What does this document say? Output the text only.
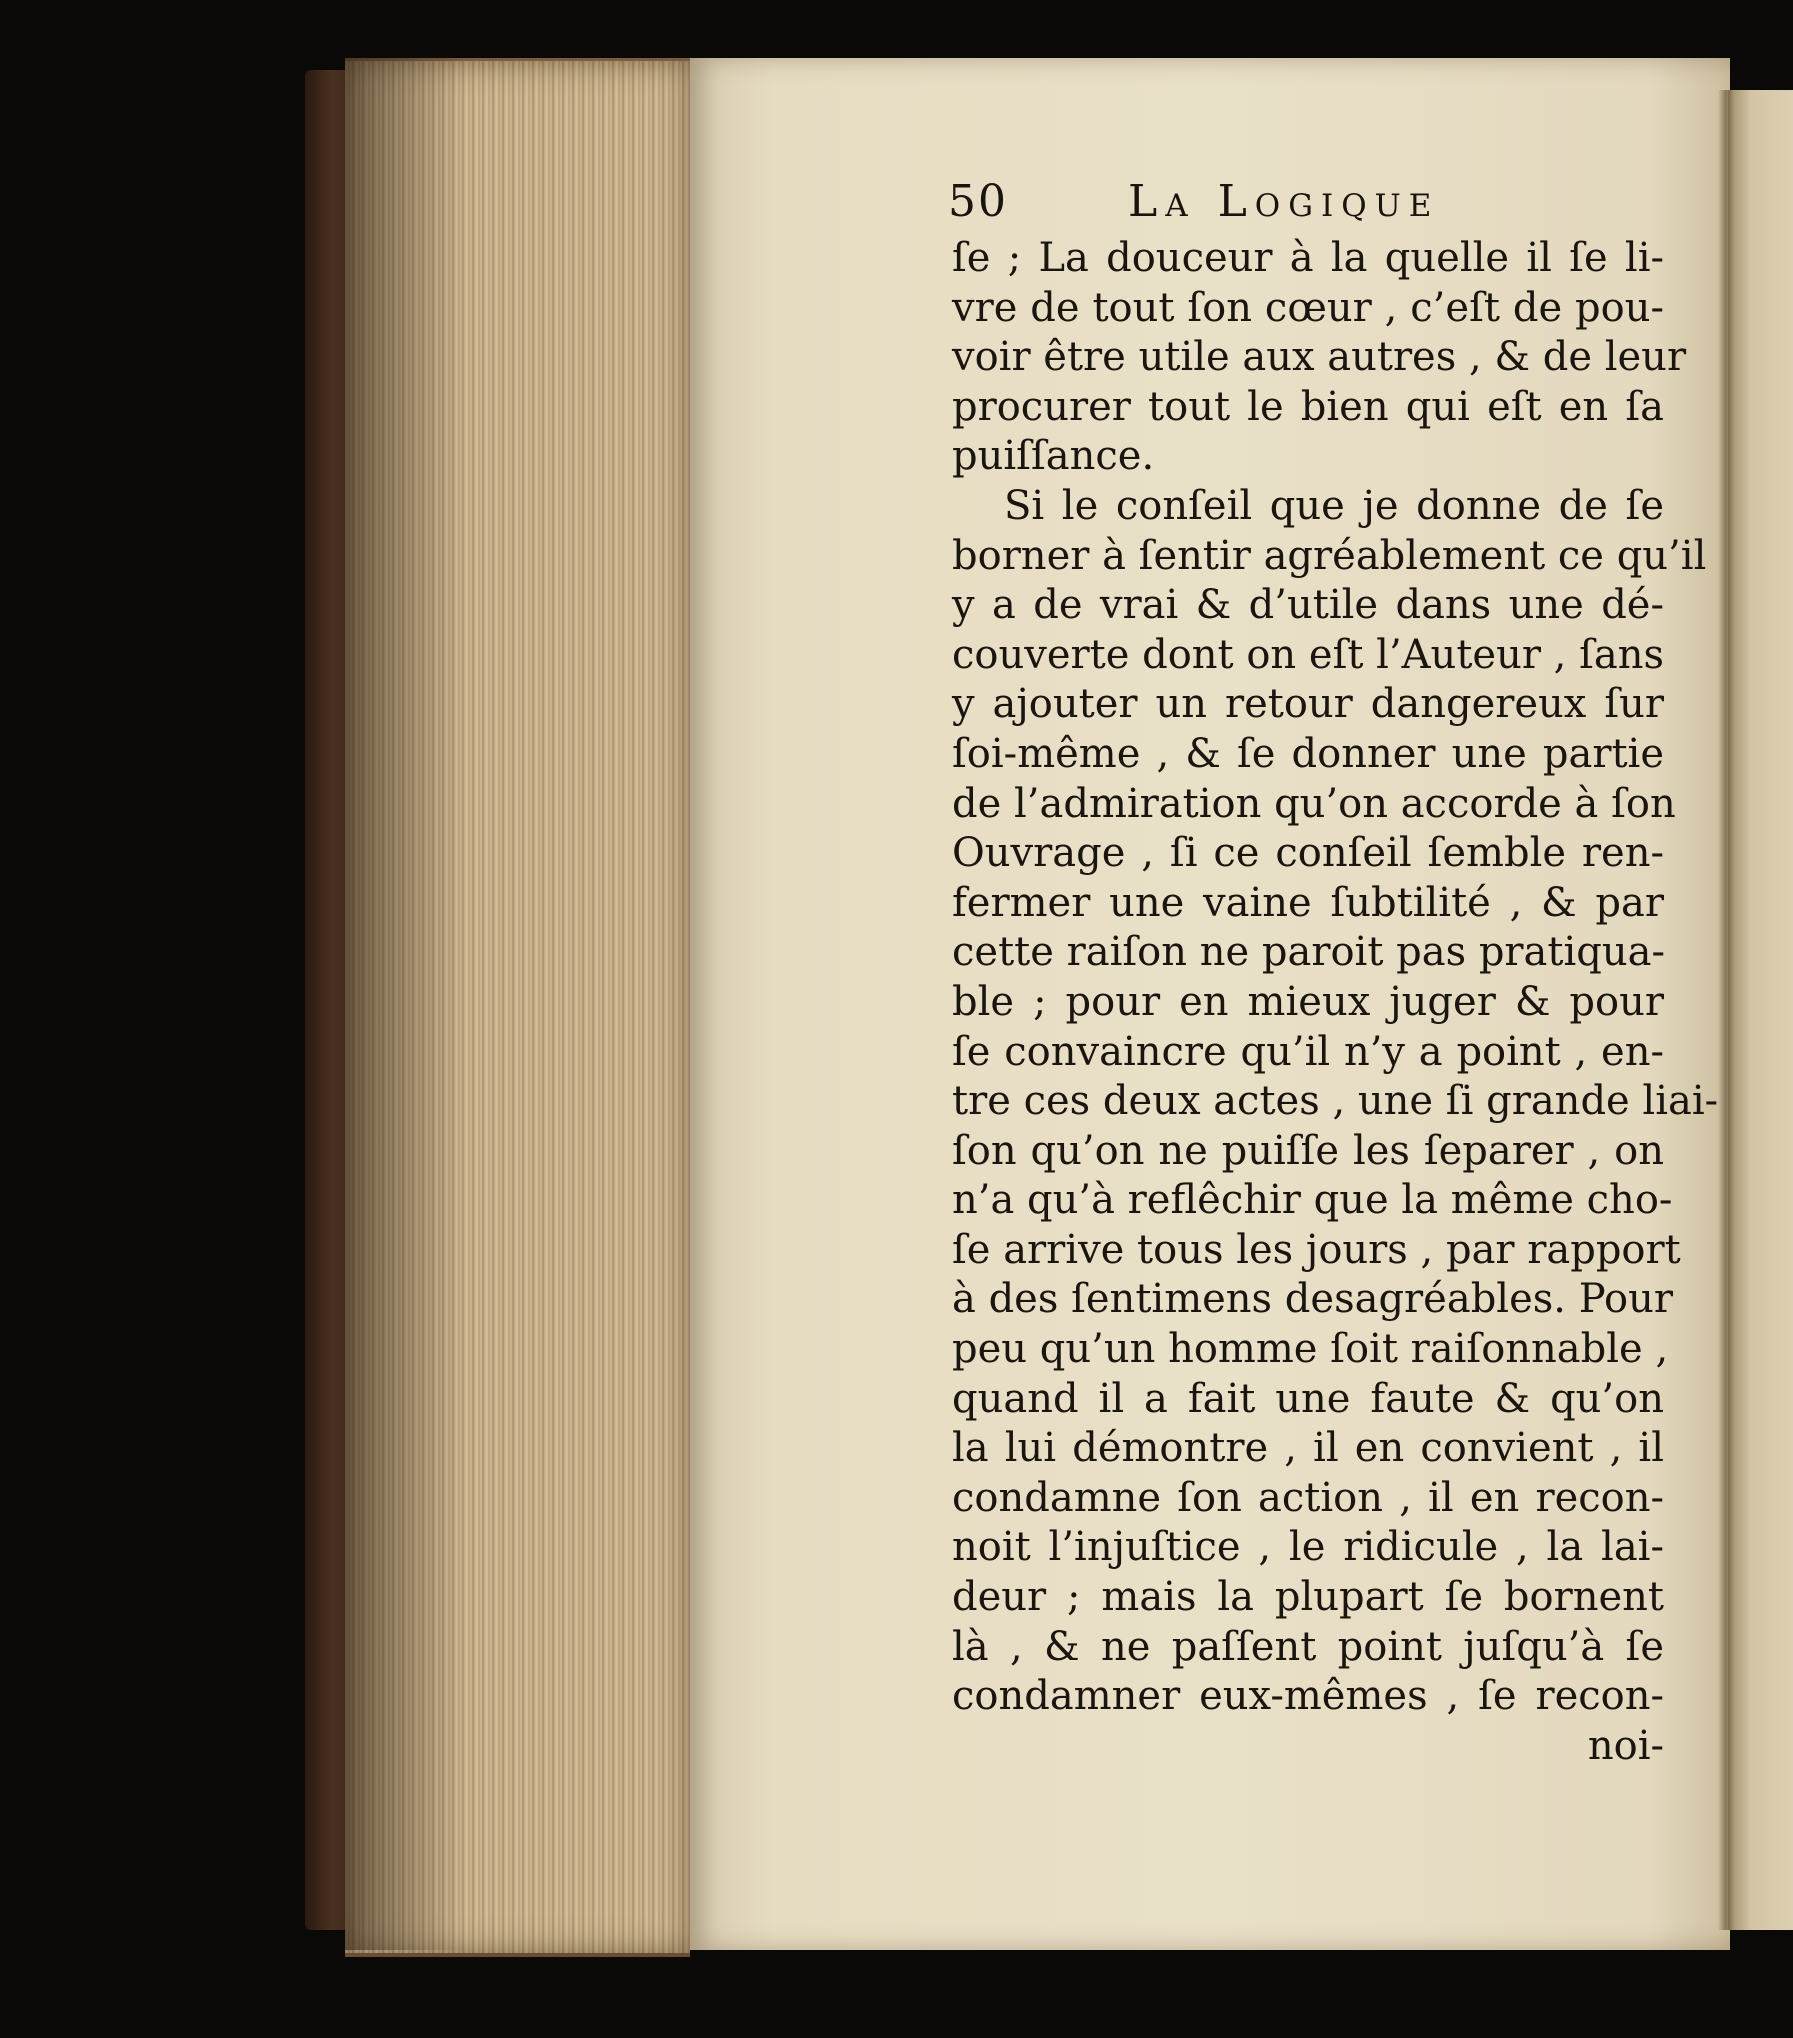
50	La Logique
ſe ; La douceur à la quelle il ſe li-
vre de tout ſon cœur , c’eſt de pou-
voir être utile aux autres , & de leur
procurer tout le bien qui eſt en ſa
puiſſance.
Si le conſeil que je donne de ſe
borner à ſentir agréablement ce qu’il
y a de vrai & d’utile dans une dé-
couverte dont on eſt l’Auteur , ſans
y ajouter un retour dangereux ſur
ſoi-même , & ſe donner une partie
de l’admiration qu’on accorde à ſon
Ouvrage , ſi ce conſeil ſemble ren-
fermer une vaine ſubtilité , & par
cette raiſon ne paroit pas pratiqua-
ble ; pour en mieux juger & pour
ſe convaincre qu’il n’y a point , en-
tre ces deux actes , une ſi grande liai-
ſon qu’on ne puiſſe les ſeparer , on
n’a qu’à reflêchir que la même cho-
ſe arrive tous les jours , par rapport
à des ſentimens desagréables. Pour
peu qu’un homme ſoit raiſonnable ,
quand il a fait une faute & qu’on
la lui démontre , il en convient , il
condamne ſon action , il en recon-
noit l’injuſtice , le ridicule , la lai-
deur ; mais la plupart ſe bornent
là , & ne paſſent point juſqu’à ſe
condamner eux-mêmes , ſe recon-
noi-
